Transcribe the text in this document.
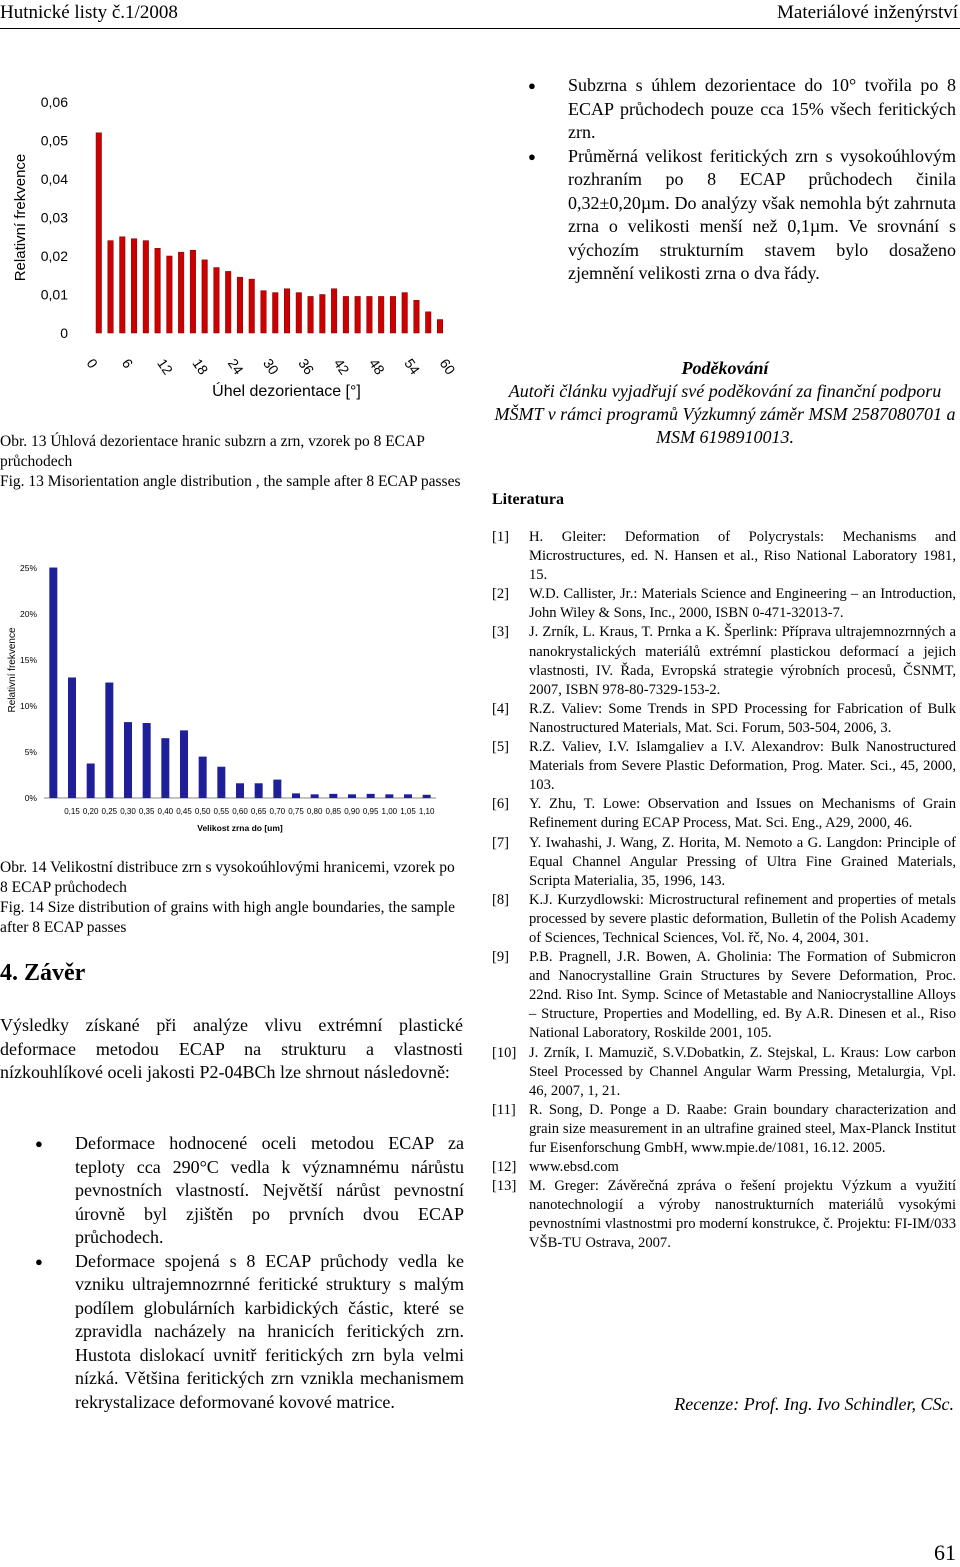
Hutnické listy č.1/2008	Materiálové inženýrství
Relativní frekvence
0
0,01
0,02
0,03
0,04
0,05
0,06
0 6 12 18 24 30 36 42 48 54 60
Úhel dezorientace [°]
Obr. 13 Úhlová dezorientace hranic subzrn a zrn, vzorek po 8 ECAP průchodech
Fig. 13 Misorientation angle distribution , the sample after 8 ECAP passes
Relativní frekvence
0%
5%
10%
15%
20%
25%
0,15 0,20 0,25 0,30 0,35 0,40 0,45 0,50 0,55 0,60 0,65 0,70 0,75 0,80 0,85 0,90 0,95 1,00 1,05 1,10
Velikost zrna do [um]
Obr. 14 Velikostní distribuce zrn s vysokoúhlovými hranicemi, vzorek po 8 ECAP průchodech
Fig. 14 Size distribution of grains with high angle boundaries, the sample after 8 ECAP passes
4. Závěr
Výsledky získané při analýze vlivu extrémní plastické deformace metodou ECAP na strukturu a vlastnosti nízkouhlíkové oceli jakosti P2-04BCh lze shrnout následovně:
● Deformace hodnocené oceli metodou ECAP za teploty cca 290°C vedla k významnému nárůstu pevnostních vlastností. Největší nárůst pevnostní úrovně byl zjištěn po prvních dvou ECAP průchodech.
● Deformace spojená s 8 ECAP průchody vedla ke vzniku ultrajemnozrnné feritické struktury s malým podílem globulárních karbidických částic, které se zpravidla nacházely na hranicích feritických zrn. Hustota dislokací uvnitř feritických zrn byla velmi nízká. Většina feritických zrn vznikla mechanismem rekrystalizace deformované kovové matrice.
● Subzrna s úhlem dezorientace do 10° tvořila po 8 ECAP průchodech pouze cca 15% všech feritických zrn.
● Průměrná velikost feritických zrn s vysokoúhlovým rozhraním po 8 ECAP průchodech činila 0,32±0,20µm. Do analýzy však nemohla být zahrnuta zrna o velikosti menší než 0,1µm. Ve srovnání s výchozím strukturním stavem bylo dosaženo zjemnění velikosti zrna o dva řády.
Poděkování
Autoři článku vyjadřují své poděkování za finanční podporu MŠMT v rámci programů Výzkumný záměr MSM 2587080701 a MSM 6198910013.
Literatura
[1] H. Gleiter: Deformation of Polycrystals: Mechanisms and Microstructures, ed. N. Hansen et al., Riso National Laboratory 1981, 15.
[2] W.D. Callister, Jr.: Materials Science and Engineering – an Introduction, John Wiley & Sons, Inc., 2000, ISBN 0-471-32013-7.
[3] J. Zrník, L. Kraus, T. Prnka a K. Šperlink: Příprava ultrajemnozrnných a nanokrystalických materiálů extrémní plastickou deformací a jejich vlastnosti, IV. Řada, Evropská strategie výrobních procesů, ČSNMT, 2007, ISBN 978-80-7329-153-2.
[4] R.Z. Valiev: Some Trends in SPD Processing for Fabrication of Bulk Nanostructured Materials, Mat. Sci. Forum, 503-504, 2006, 3.
[5] R.Z. Valiev, I.V. Islamgaliev a I.V. Alexandrov: Bulk Nanostructured Materials from Severe Plastic Deformation, Prog. Mater. Sci., 45, 2000, 103.
[6] Y. Zhu, T. Lowe: Observation and Issues on Mechanisms of Grain Refinement during ECAP Process, Mat. Sci. Eng., A29, 2000, 46.
[7] Y. Iwahashi, J. Wang, Z. Horita, M. Nemoto a G. Langdon: Principle of Equal Channel Angular Pressing of Ultra Fine Grained Materials, Scripta Materialia, 35, 1996, 143.
[8] K.J. Kurzydlowski: Microstructural refinement and properties of metals processed by severe plastic deformation, Bulletin of the Polish Academy of Sciences, Technical Sciences, Vol. řč, No. 4, 2004, 301.
[9] P.B. Pragnell, J.R. Bowen, A. Gholinia: The Formation of Submicron and Nanocrystalline Grain Structures by Severe Deformation, Proc. 22nd. Riso Int. Symp. Scince of Metastable and Naniocrystalline Alloys – Structure, Properties and Modelling, ed. By A.R. Dinesen et al., Riso National Laboratory, Roskilde 2001, 105.
[10] J. Zrník, I. Mamuzič, S.V.Dobatkin, Z. Stejskal, L. Kraus: Low carbon Steel Processed by Channel Angular Warm Pressing, Metalurgia, Vpl. 46, 2007, 1, 21.
[11] R. Song, D. Ponge a D. Raabe: Grain boundary characterization and grain size measurement in an ultrafine grained steel, Max-Planck Institut fur Eisenforschung GmbH, www.mpie.de/1081, 16.12. 2005.
[12] www.ebsd.com
[13] M. Greger: Závěrečná zpráva o řešení projektu Výzkum a využití nanotechnologií a výroby nanostrukturních materiálů vysokými pevnostními vlastnostmi pro moderní konstrukce, č. Projektu: FI-IM/033 VŠB-TU Ostrava, 2007.
Recenze: Prof. Ing. Ivo Schindler, CSc.
61
